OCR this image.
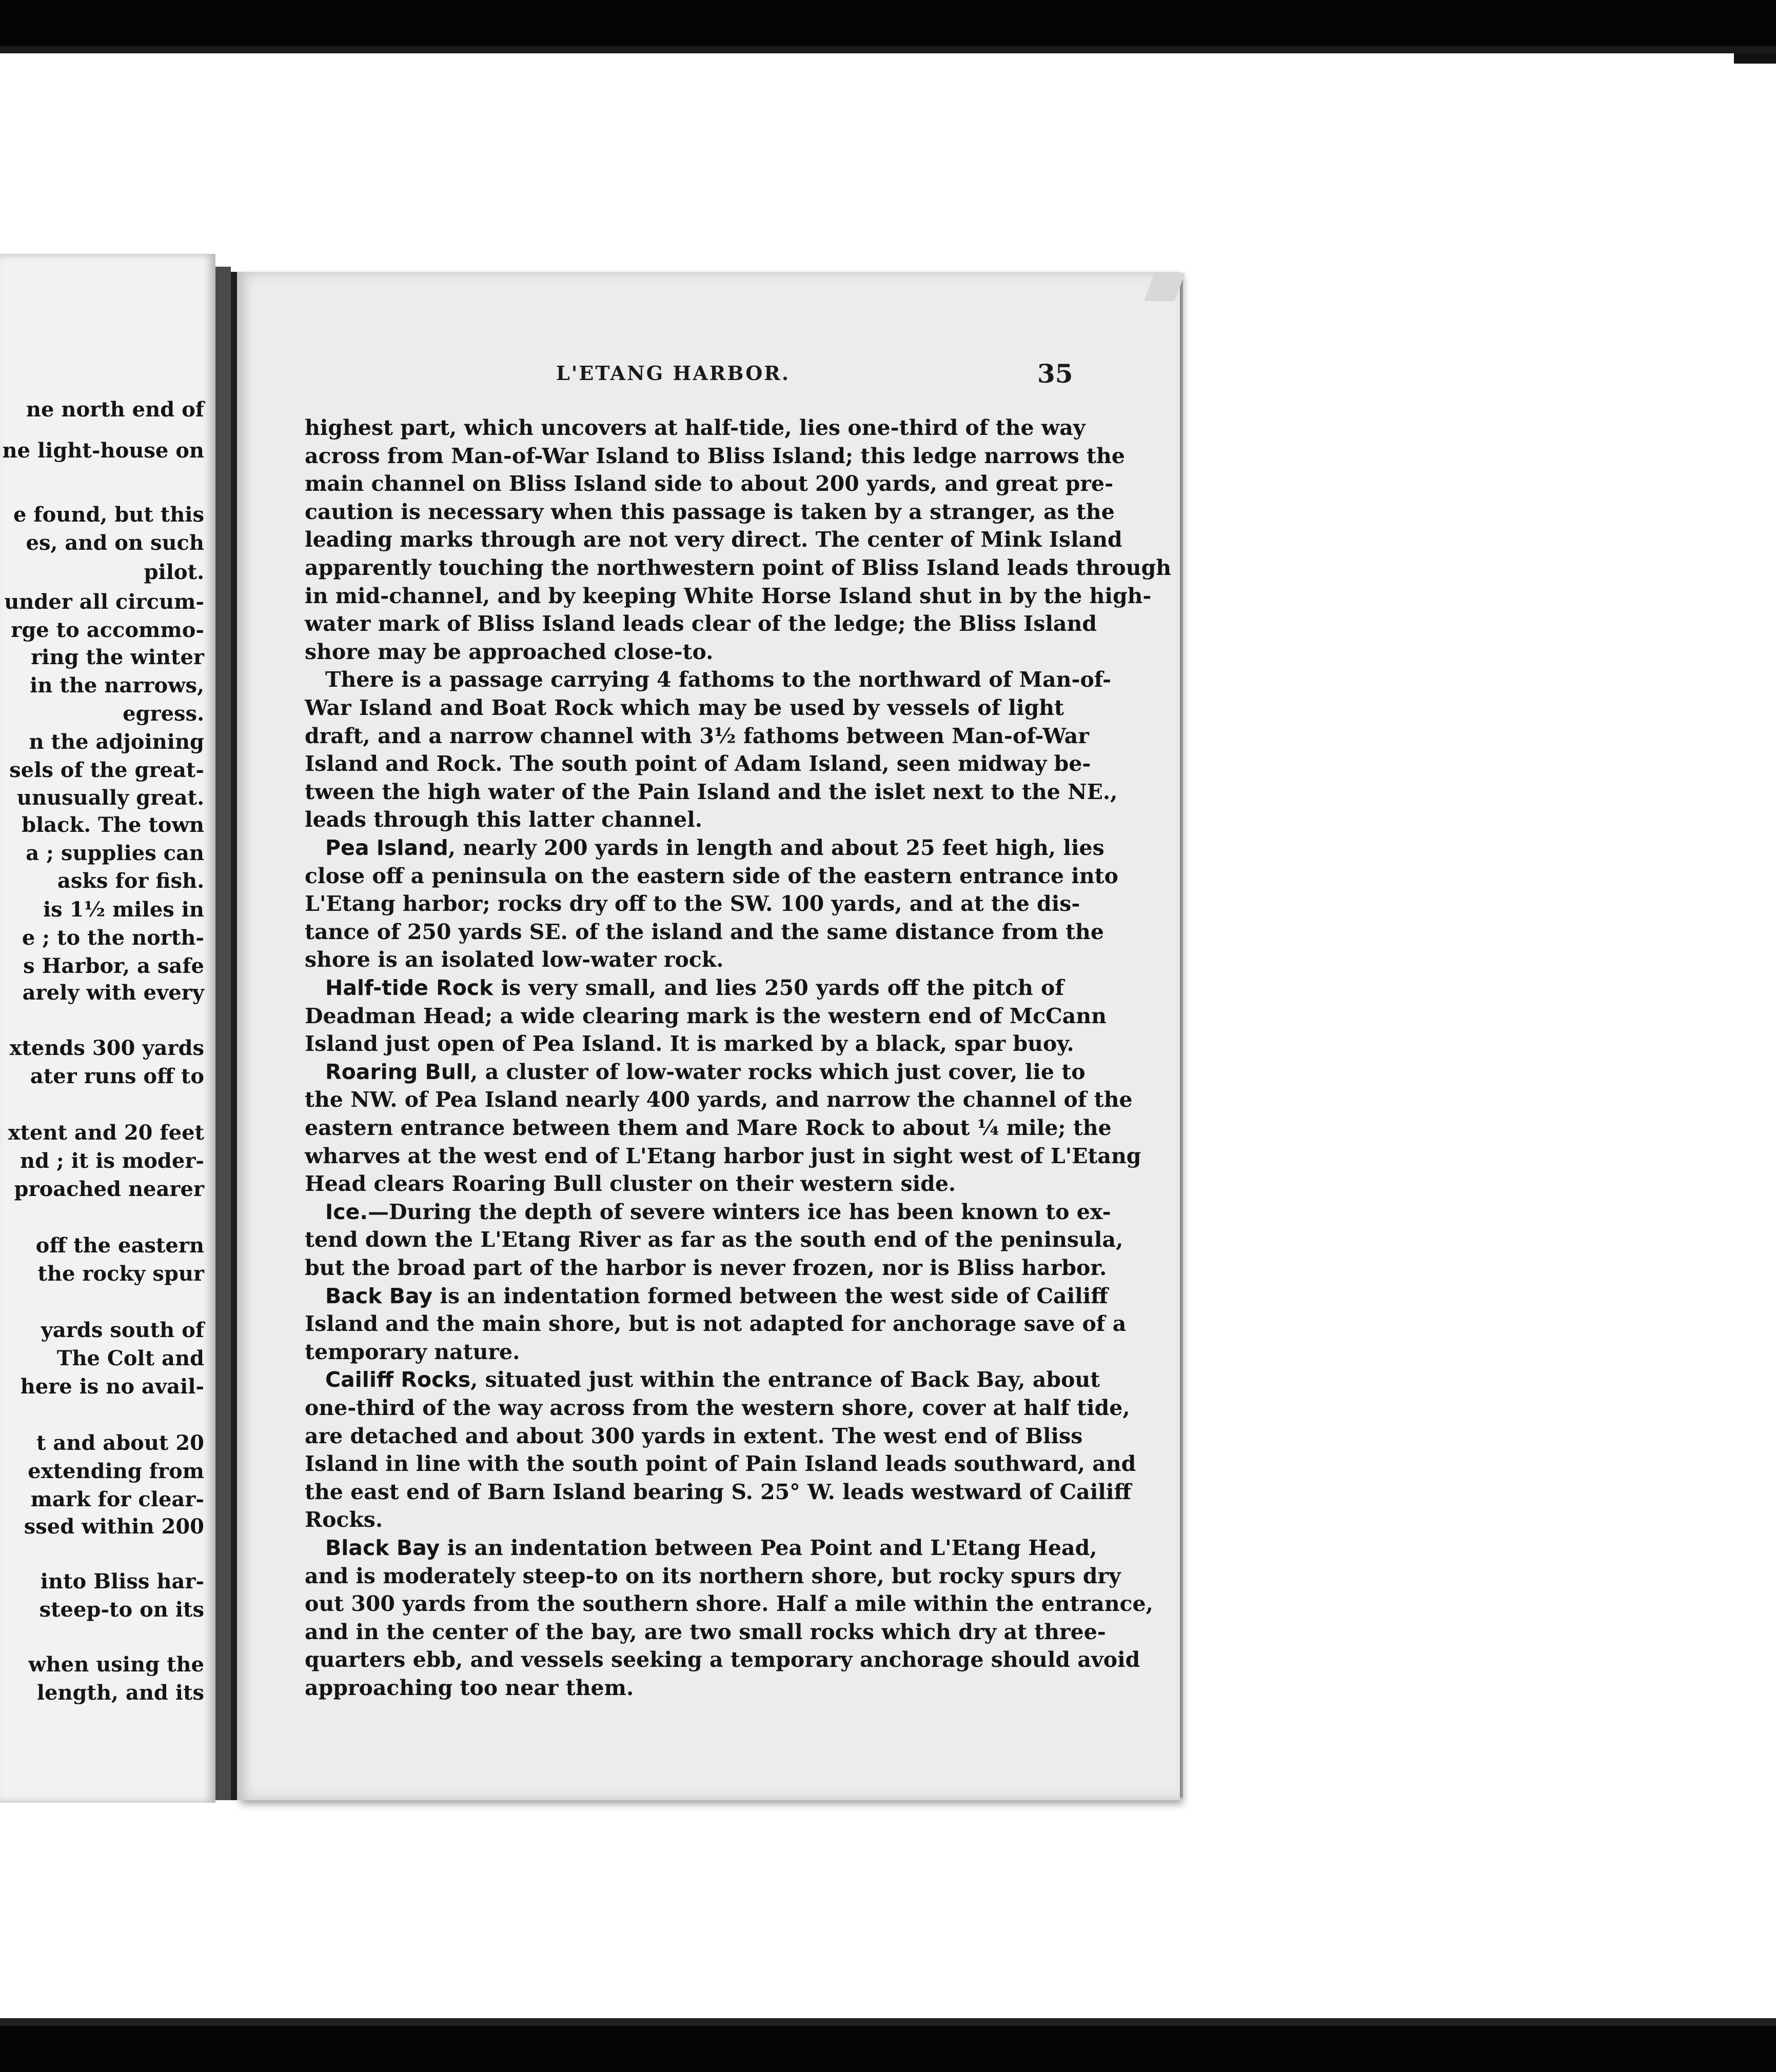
ne north end of
ne light-house on
e found, but this
es, and on such
pilot.
under all circum-
rge to accommo-
ring the winter
in the narrows,
egress.
n the adjoining
sels of the great-
unusually great.
black. The town
a ; supplies can
asks for fish.
is 1½ miles in
e ; to the north-
s Harbor, a safe
arely with every
xtends 300 yards
ater runs off to
xtent and 20 feet
nd ; it is moder-
proached nearer
off the eastern
the rocky spur
yards south of
The Colt and
here is no avail-
t and about 20
extending from
mark for clear-
ssed within 200
into Bliss har-
steep-to on its
when using the
length, and its
L'ETANG HARBOR.	35
highest part, which uncovers at half-tide, lies one-third of the way
across from Man-of-War Island to Bliss Island; this ledge narrows the
main channel on Bliss Island side to about 200 yards, and great pre-
caution is necessary when this passage is taken by a stranger, as the
leading marks through are not very direct. The center of Mink Island
apparently touching the northwestern point of Bliss Island leads through
in mid-channel, and by keeping White Horse Island shut in by the high-
water mark of Bliss Island leads clear of the ledge; the Bliss Island
shore may be approached close-to.
There is a passage carrying 4 fathoms to the northward of Man-of-
War Island and Boat Rock which may be used by vessels of light
draft, and a narrow channel with 3½ fathoms between Man-of-War
Island and Rock. The south point of Adam Island, seen midway be-
tween the high water of the Pain Island and the islet next to the NE.,
leads through this latter channel.
Pea Island, nearly 200 yards in length and about 25 feet high, lies
close off a peninsula on the eastern side of the eastern entrance into
L'Etang harbor; rocks dry off to the SW. 100 yards, and at the dis-
tance of 250 yards SE. of the island and the same distance from the
shore is an isolated low-water rock.
Half-tide Rock is very small, and lies 250 yards off the pitch of
Deadman Head; a wide clearing mark is the western end of McCann
Island just open of Pea Island. It is marked by a black, spar buoy.
Roaring Bull, a cluster of low-water rocks which just cover, lie to
the NW. of Pea Island nearly 400 yards, and narrow the channel of the
eastern entrance between them and Mare Rock to about ¼ mile; the
wharves at the west end of L'Etang harbor just in sight west of L'Etang
Head clears Roaring Bull cluster on their western side.
Ice.—During the depth of severe winters ice has been known to ex-
tend down the L'Etang River as far as the south end of the peninsula,
but the broad part of the harbor is never frozen, nor is Bliss harbor.
Back Bay is an indentation formed between the west side of Cailiff
Island and the main shore, but is not adapted for anchorage save of a
temporary nature.
Cailiff Rocks, situated just within the entrance of Back Bay, about
one-third of the way across from the western shore, cover at half tide,
are detached and about 300 yards in extent. The west end of Bliss
Island in line with the south point of Pain Island leads southward, and
the east end of Barn Island bearing S. 25° W. leads westward of Cailiff
Rocks.
Black Bay is an indentation between Pea Point and L'Etang Head,
and is moderately steep-to on its northern shore, but rocky spurs dry
out 300 yards from the southern shore. Half a mile within the entrance,
and in the center of the bay, are two small rocks which dry at three-
quarters ebb, and vessels seeking a temporary anchorage should avoid
approaching too near them.
